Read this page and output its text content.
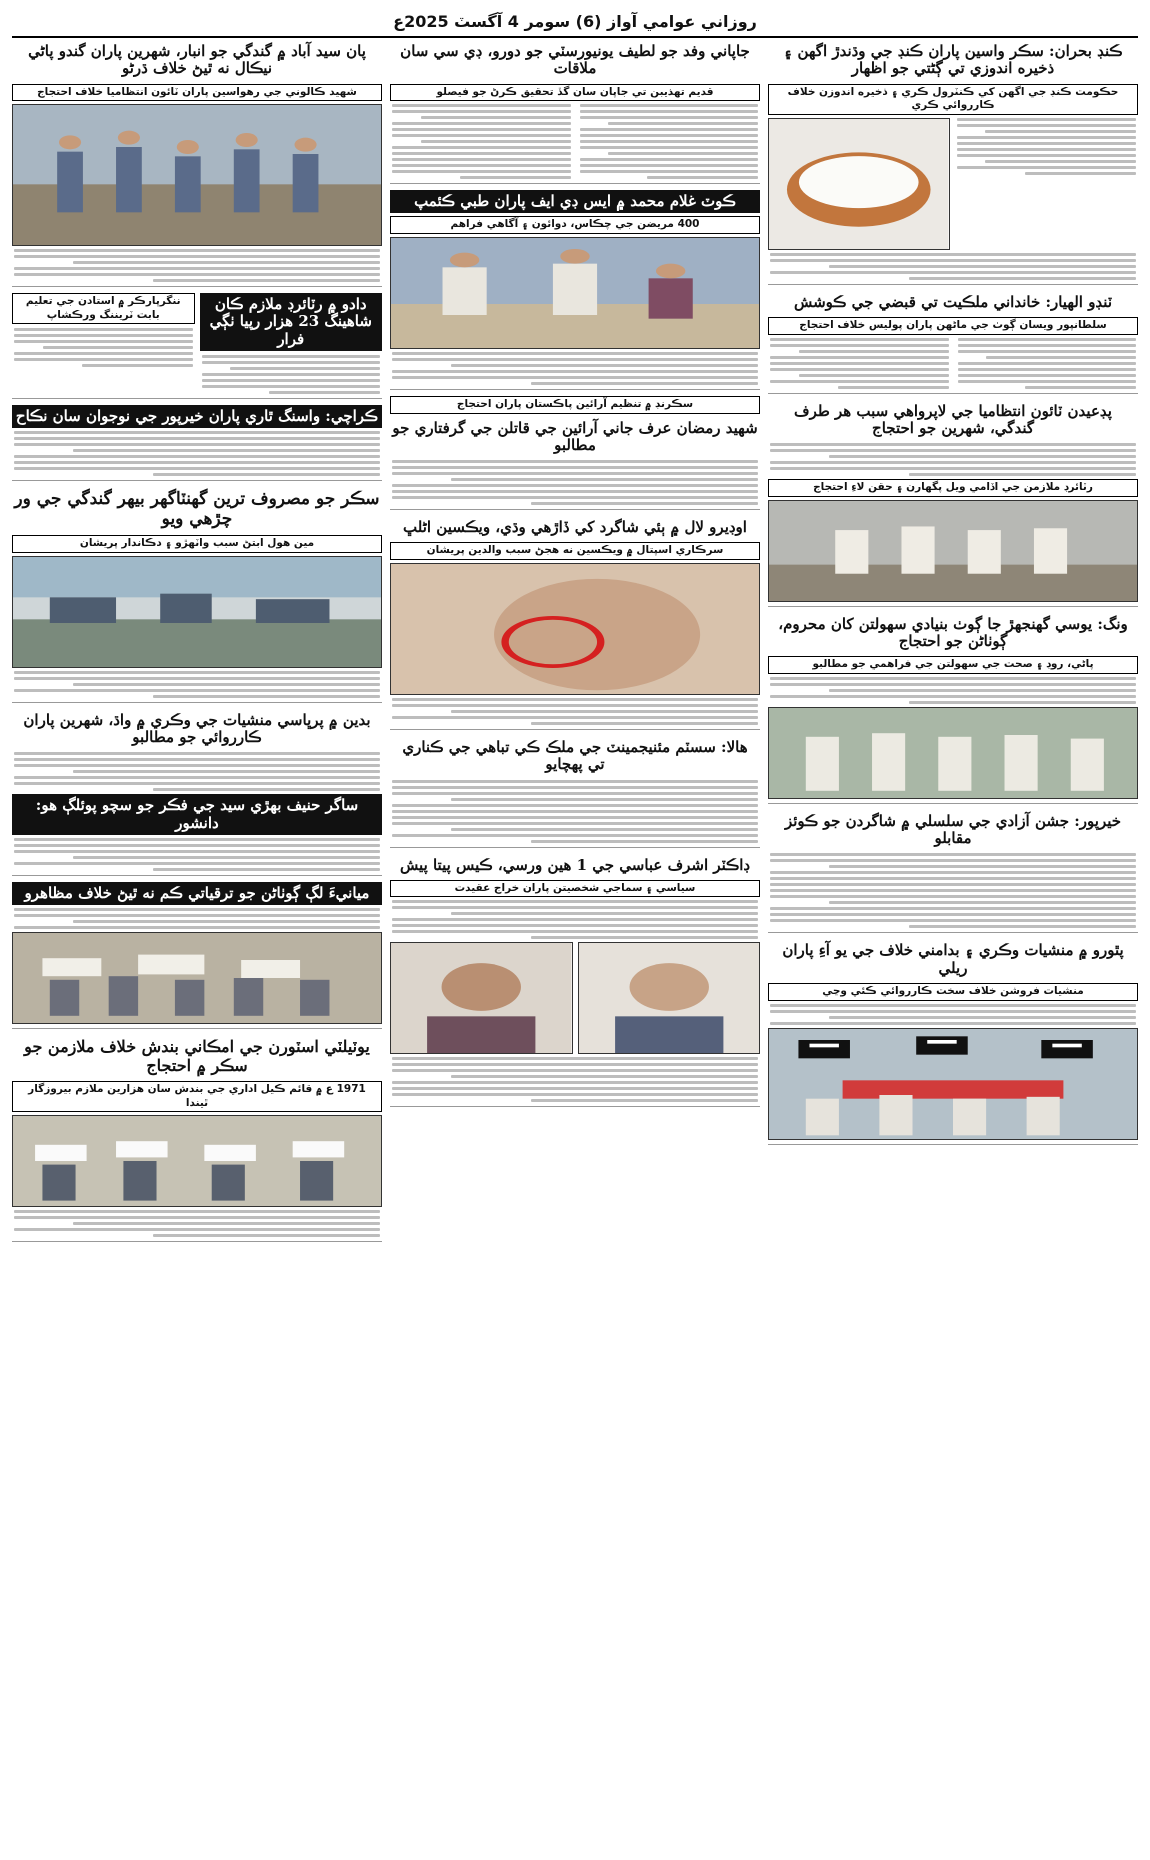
روزاني عوامي آواز (6) سومر 4 آگسٽ 2025ع
پان سيد آباد ۾ گندگي جو انبار، شهرين پاران گندو پاڻي نيڪال نه ٿيڻ خلاف ڌرڻو
شهيد ڪالوني جي رهواسين پاران ٽائون انتظاميا خلاف احتجاج
دادو ۾ رٽائرڊ ملازم ڪان شاهينگ 23 هزار رپيا ٺڳي فرار
ننگرپارڪر ۾ استادن جي تعليم بابت ٽريننگ ورڪشاپ
ڪراچي: واسنگ ٿاري پاران خيرپور جي نوجوان سان نڪاح
سڪر جو مصروف ترين گهنٽاگهر بيهر گندگي جي ور چڙهي ويو
مين هول ابتڻ سبب واٽهڙو ۽ دڪاندار پريشان
بدين ۾ پرڀاسي منشيات جي وڪري ۾ واڌ، شهرين پاران ڪارروائي جو مطالبو
ساگر حنيف بهڙي سيد جي فڪر جو سچو پوئلڳ هو: دانشور
ميانيءَ لڳ ڳوٺاڻن جو ترقياتي ڪم نه ٿيڻ خلاف مظاهرو
يوٽيلٽي اسٽورن جي امڪاني بندش خلاف ملازمن جو سڪر ۾ احتجاج
1971 ع ۾ قائم ڪيل اداري جي بندش سان هزارين ملازم بيروزگار ٿيندا
جاپاني وفد جو لطيف يونيورسٽي جو دورو، ڊي سي سان ملاقات
قديم تهذيبن تي جاپان سان گڏ تحقيق ڪرڻ جو فيصلو
ڪوٽ غلام محمد ۾ ايس ڊي ايف پاران طبي ڪئمپ
400 مريضن جي چڪاس، دوائون ۽ آگاهي فراهم
سڪرنڊ ۾ تنظيم آرائين پاڪستان پاران احتجاج
شهيد رمضان عرف جاني آرائين جي قاتلن جي گرفتاري جو مطالبو
اوڊيرو لال ۾ ٻئي شاگرد کي ڏاڙهي وڌي، ويڪسين اڻلڀ
سرڪاري اسپتال ۾ ويڪسين نه هجڻ سبب والدين پريشان
هالا: سسٽم مئنيجمينٽ جي ملڪ ڪي تباهي جي ڪناري تي پهچايو
ڊاڪٽر اشرف عباسي جي 1 هين ورسي، ڪيس پيتا پيش
سياسي ۽ سماجي شخصيتن پاران خراج عقيدت
ڪنڊ بحران: سڪر واسين پاران ڪنڊ جي وڌندڙ اگهن ۽ ذخيره اندوزي تي ڳڻتي جو اظهار
حڪومت ڪنڊ جي اگهن کي ڪنٽرول ڪري ۽ ذخيره اندوزن خلاف ڪارروائي ڪري
ٽنڊو الهيار: خانداني ملڪيت تي قبضي جي ڪوشش
سلطانپور ويسان ڳوٺ جي ماڻهن پاران پوليس خلاف احتجاج
پڊعيدن ٽائون انتظاميا جي لاپرواهي سبب هر طرف گندگي، شهرين جو احتجاج
رٽائرڊ ملازمن جي اڏامي ويل پگهارن ۽ حقن لاءِ احتجاج
ونگ: يوسي گهنجهڙ جا ڳوٺ بنيادي سهولتن کان محروم، ڳوٺاڻن جو احتجاج
پاڻي، روڊ ۽ صحت جي سهولتن جي فراهمي جو مطالبو
خيرپور: جشن آزادي جي سلسلي ۾ شاگردن جو ڪوئز مقابلو
پٿورو ۾ منشيات وڪري ۽ بدامني خلاف جي يو آءِ پاران ريلي
منشيات فروشن خلاف سخت ڪارروائي ڪئي وڃي
